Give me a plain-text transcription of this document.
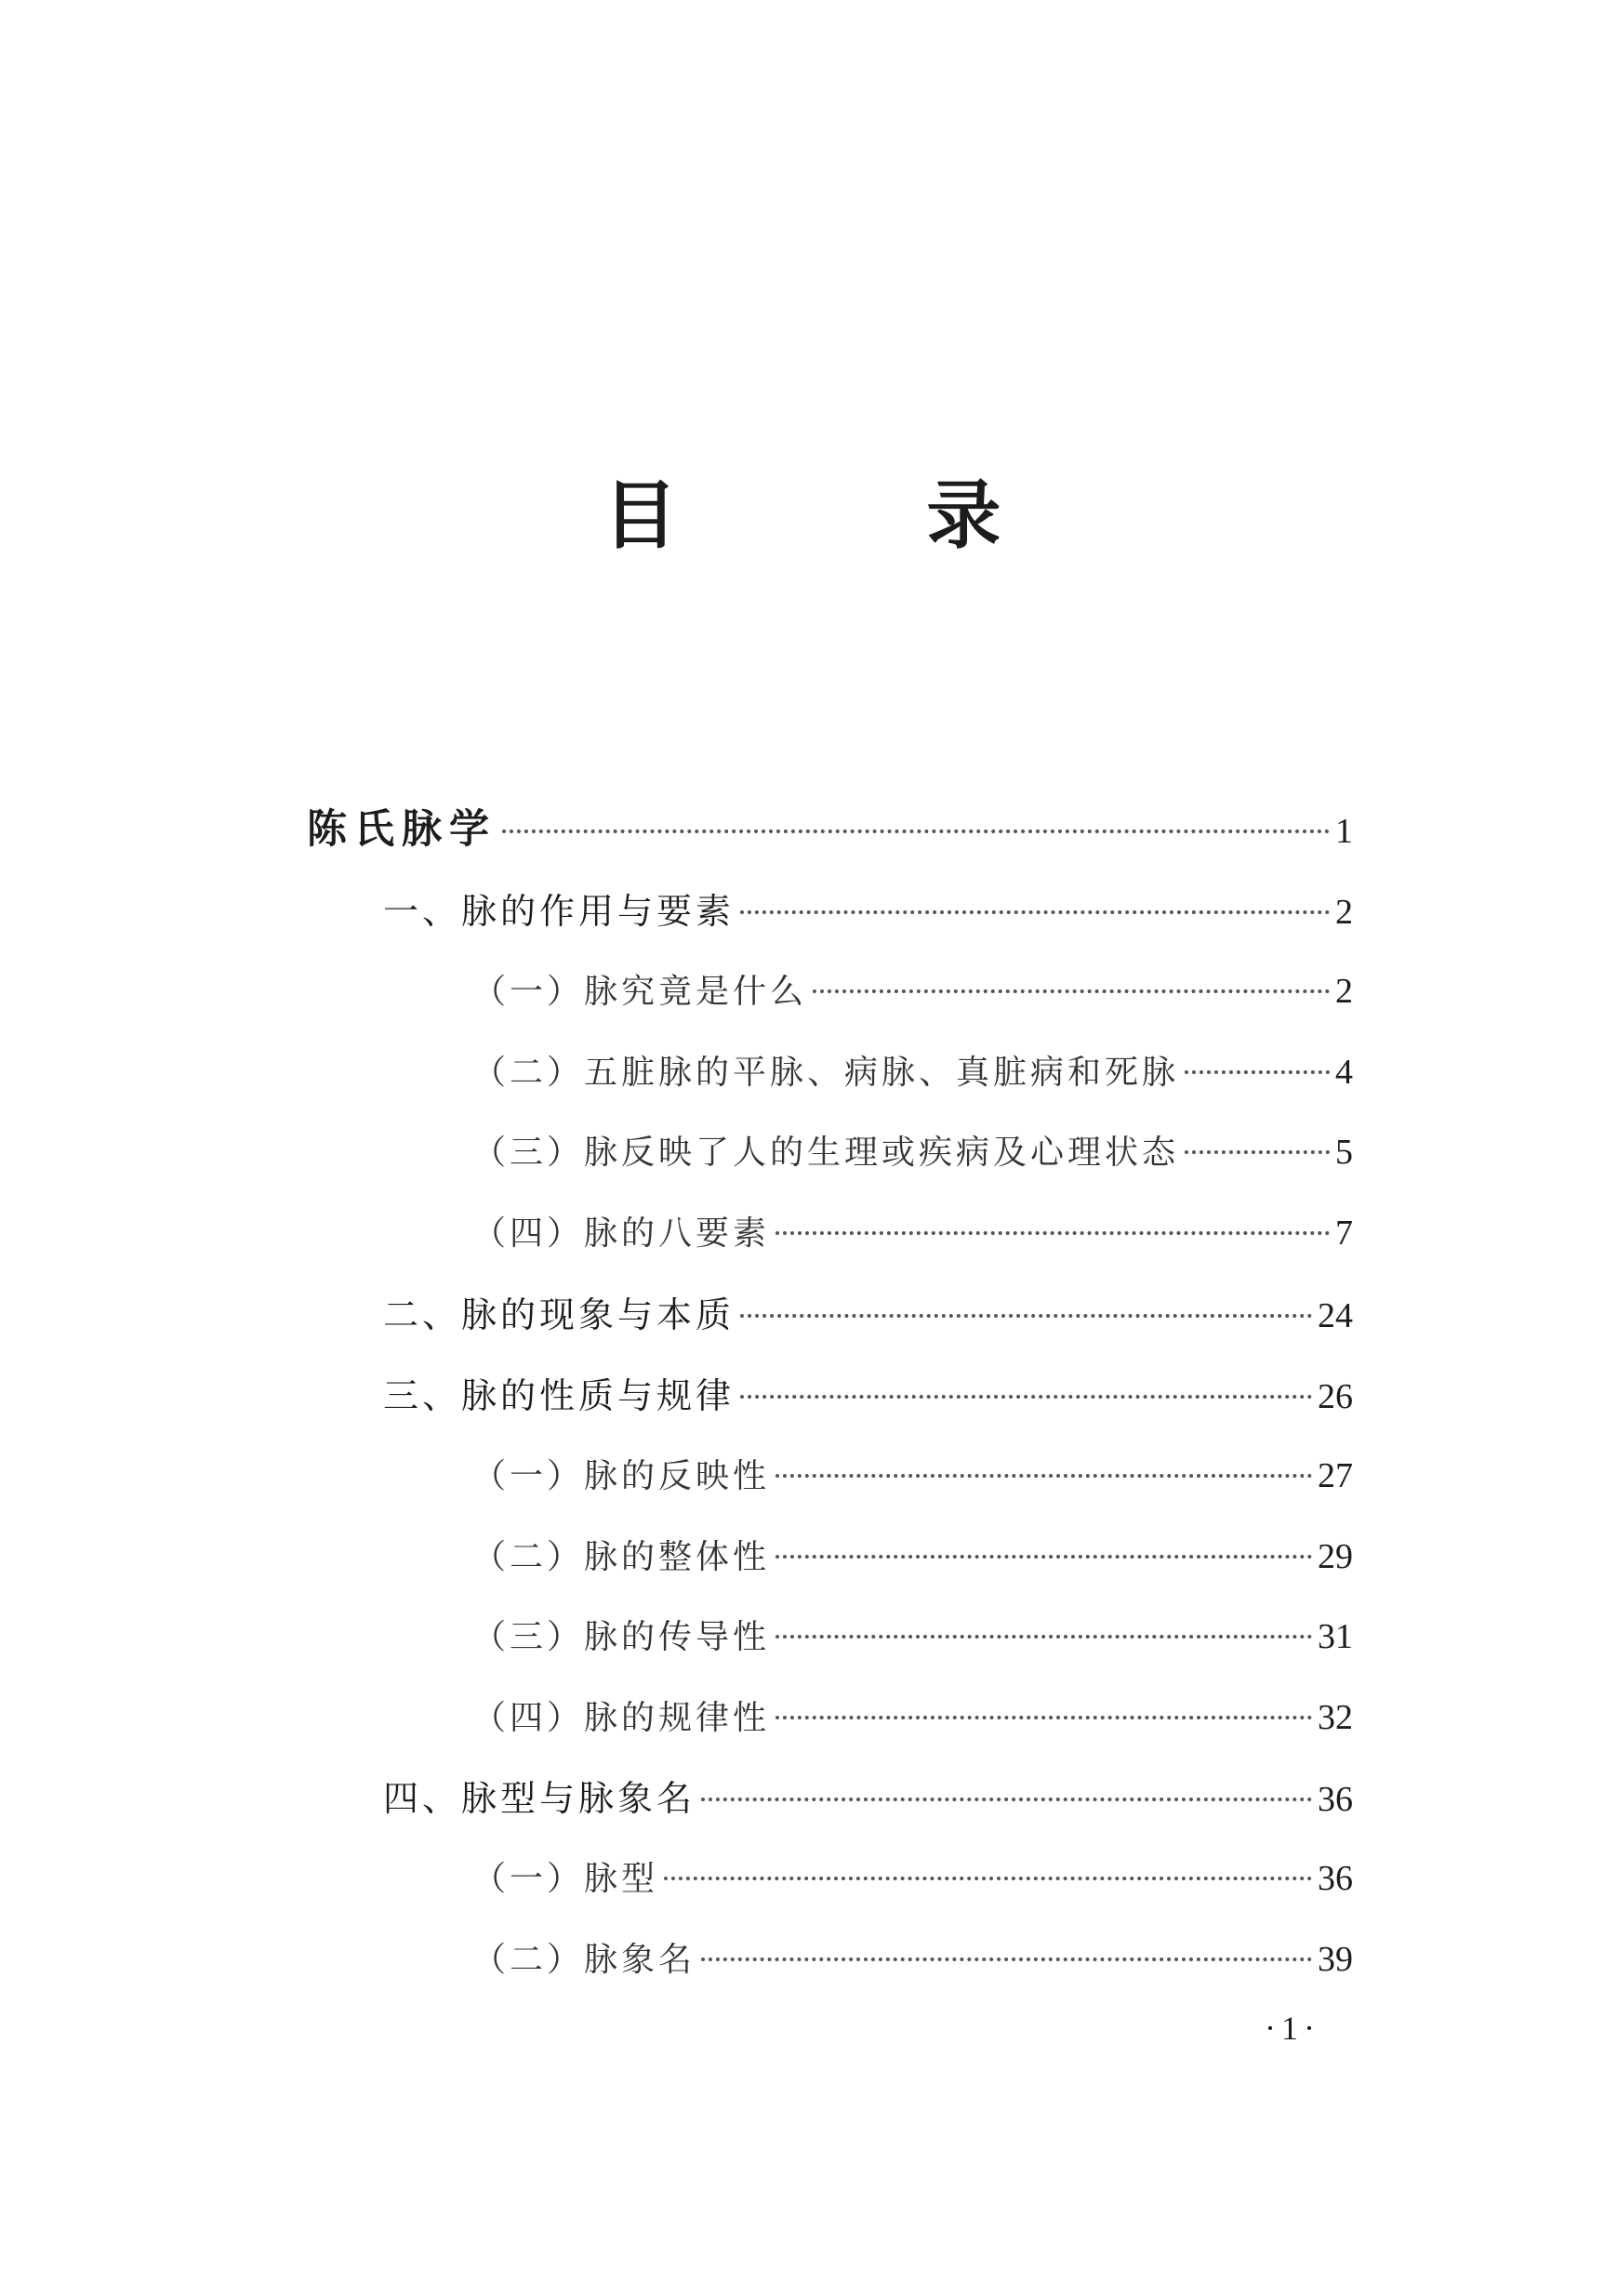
目 录
陈氏脉学	1
一、脉的作用与要素	2
（一）脉究竟是什么	2
（二）五脏脉的平脉、病脉、真脏病和死脉	4
（三）脉反映了人的生理或疾病及心理状态	5
（四）脉的八要素	7
二、脉的现象与本质	24
三、脉的性质与规律	26
（一）脉的反映性	27
（二）脉的整体性	29
（三）脉的传导性	31
（四）脉的规律性	32
四、脉型与脉象名	36
（一）脉型	36
（二）脉象名	39
·1·
